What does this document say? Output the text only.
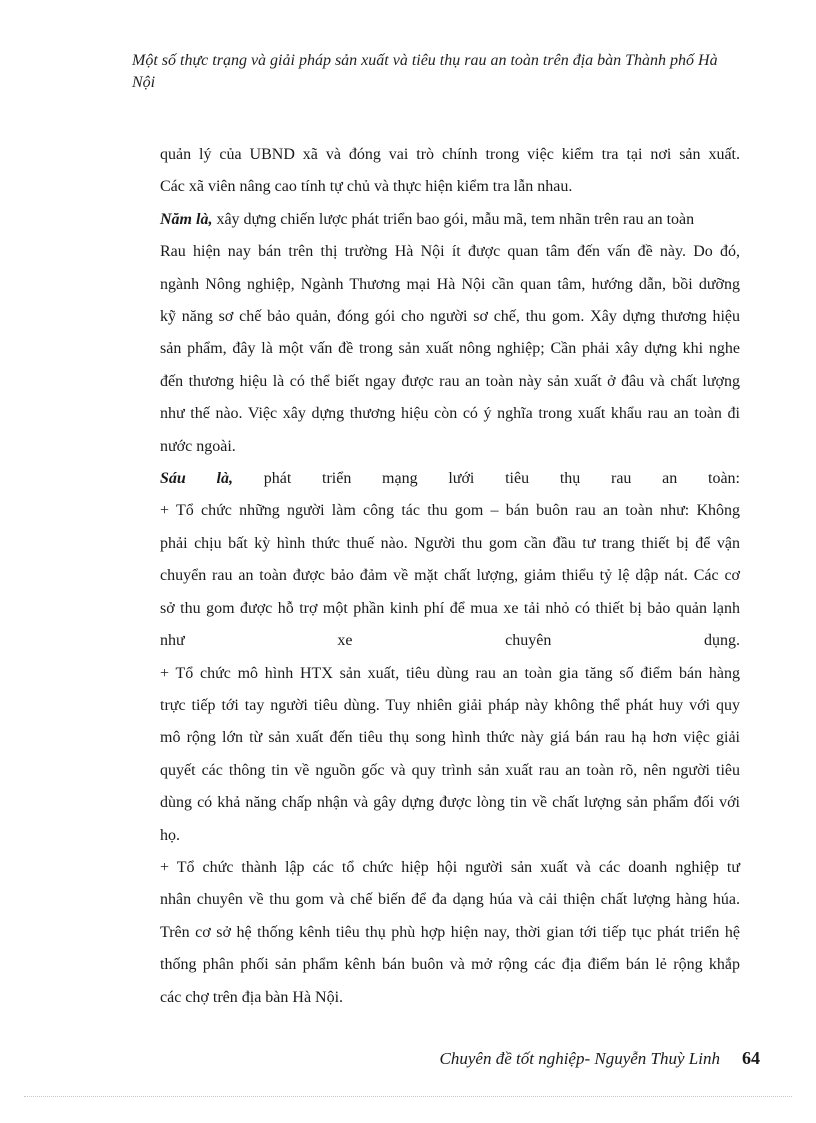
Một số thực trạng và giải pháp sản xuất và tiêu thụ rau an toàn trên địa bàn Thành phố Hà Nội
quản lý của UBND xã và đóng vai trò chính trong việc kiểm tra tại nơi sản xuất.
Các xã viên nâng cao tính tự chủ và thực hiện kiểm tra lẫn nhau.
Năm là, xây dựng chiến lược phát triển bao gói, mẫu mã, tem nhãn trên rau an toàn
Rau hiện nay bán trên thị trường Hà Nội ít được quan tâm đến vấn đề này. Do đó,
ngành Nông nghiệp, Ngành Thương mại Hà Nội cần quan tâm, hướng dẫn, bồi dưỡng
kỹ năng sơ chế bảo quản, đóng gói cho người sơ chế, thu gom. Xây dựng thương hiệu
sản phẩm, đây là một vấn đề trong sản xuất nông nghiệp; Cần phải xây dựng khi nghe
đến thương hiệu là có thể biết ngay được rau an toàn này sản xuất ở đâu và chất lượng
như thế nào. Việc xây dựng thương hiệu còn có ý nghĩa trong xuất khẩu rau an toàn đi
nước ngoài.
Sáu là, phát triển mạng lưới tiêu thụ rau an toàn:
+ Tổ chức những người làm công tác thu gom – bán buôn rau an toàn như: Không
phải chịu bất kỳ hình thức thuế nào. Người thu gom cần đầu tư trang thiết bị để vận
chuyển rau an toàn được bảo đảm về mặt chất lượng, giảm thiểu tỷ lệ dập nát. Các cơ
sở thu gom được hỗ trợ một phần kinh phí để mua xe tải nhỏ có thiết bị bảo quản lạnh
như xe chuyên dụng.
+ Tổ chức mô hình HTX sản xuất, tiêu dùng rau an toàn gia tăng số điểm bán hàng
trực tiếp tới tay người tiêu dùng. Tuy nhiên giải pháp này không thể phát huy với quy
mô rộng lớn từ sản xuất đến tiêu thụ song hình thức này giá bán rau hạ hơn việc giải
quyết các thông tin về nguồn gốc và quy trình sản xuất rau an toàn rõ, nên người tiêu
dùng có khả năng chấp nhận và gây dựng được lòng tin về chất lượng sản phẩm đối với
họ.
+ Tổ chức thành lập các tổ chức hiệp hội người sản xuất và các doanh nghiệp tư
nhân chuyên về thu gom và chế biến để đa dạng húa và cải thiện chất lượng hàng húa.
Trên cơ sở hệ thống kênh tiêu thụ phù hợp hiện nay, thời gian tới tiếp tục phát triển hệ
thống phân phối sản phẩm kênh bán buôn và mở rộng các địa điểm bán lẻ rộng khắp
các chợ trên địa bàn Hà Nội.
Chuyên đề tốt nghiệp- Nguyễn Thuỳ Linh 64
